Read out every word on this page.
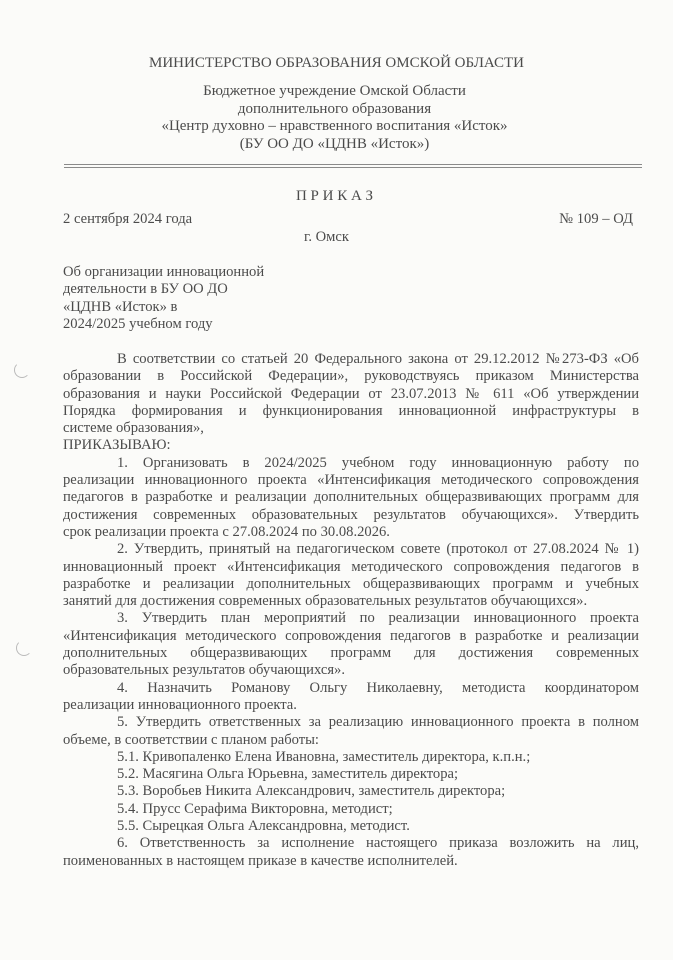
МИНИСТЕРСТВО ОБРАЗОВАНИЯ ОМСКОЙ ОБЛАСТИ
Бюджетное учреждение Омской Области
дополнительного образования
«Центр духовно – нравственного воспитания «Исток»
(БУ ОО ДО «ЦДНВ «Исток»)
П Р И К А З
2 сентября 2024 года	№ 109 – ОД
г. Омск
Об организации инновационной
деятельности в БУ ОО ДО
«ЦДНВ «Исток» в
2024/2025 учебном году
В соответствии со статьей 20 Федерального закона от 29.12.2012 №273-ФЗ «Об
образовании в Российской Федерации», руководствуясь приказом Министерства
образования и науки Российской Федерации от 23.07.2013 № 611 «Об утверждении
Порядка формирования и функционирования инновационной инфраструктуры в
системе образования»,
ПРИКАЗЫВАЮ:
1. Организовать в 2024/2025 учебном году инновационную работу по
реализации инновационного проекта «Интенсификация методического сопровождения
педагогов в разработке и реализации дополнительных общеразвивающих программ для
достижения современных образовательных результатов обучающихся». Утвердить
срок реализации проекта с 27.08.2024 по 30.08.2026.
2. Утвердить, принятый на педагогическом совете (протокол от 27.08.2024 № 1)
инновационный проект «Интенсификация методического сопровождения педагогов в
разработке и реализации дополнительных общеразвивающих программ и учебных
занятий для достижения современных образовательных результатов обучающихся».
3. Утвердить план мероприятий по реализации инновационного проекта
«Интенсификация методического сопровождения педагогов в разработке и реализации
дополнительных общеразвивающих программ для достижения современных
образовательных результатов обучающихся».
4. Назначить Романову Ольгу Николаевну, методиста координатором
реализации инновационного проекта.
5. Утвердить ответственных за реализацию инновационного проекта в полном
объеме, в соответствии с планом работы:
5.1. Кривопаленко Елена Ивановна, заместитель директора, к.п.н.;
5.2. Масягина Ольга Юрьевна, заместитель директора;
5.3. Воробьев Никита Александрович, заместитель директора;
5.4. Прусс Серафима Викторовна, методист;
5.5. Сырецкая Ольга Александровна, методист.
6. Ответственность за исполнение настоящего приказа возложить на лиц,
поименованных в настоящем приказе в качестве исполнителей.
